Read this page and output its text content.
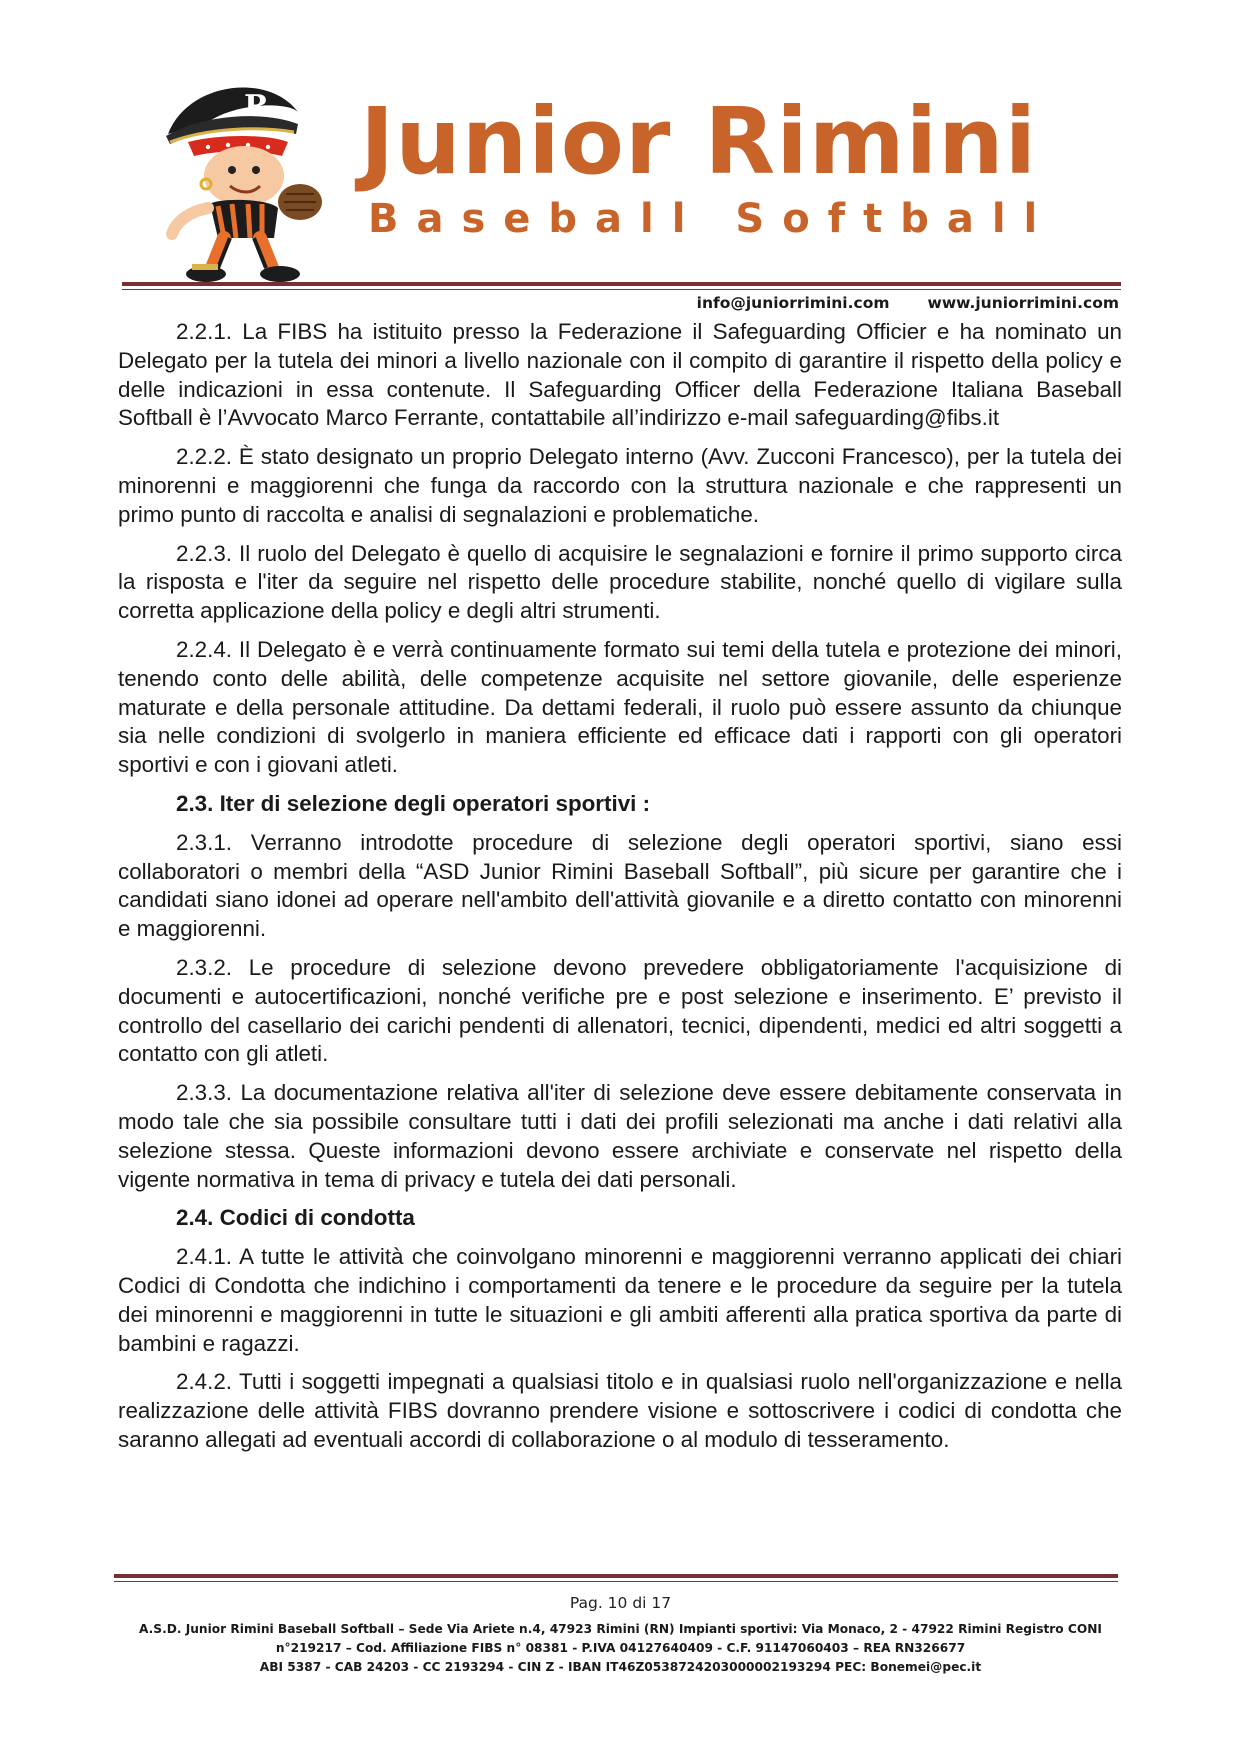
R Junior Rimini
Baseball Softball
info@juniorrimini.com www.juniorrimini.com

2.2.1. La FIBS ha istituito presso la Federazione il Safeguarding Officier e ha nominato un Delegato per la tutela dei minori a livello nazionale con il compito di garantire il rispetto della policy e delle indicazioni in essa contenute. Il Safeguarding Officer della Federazione Italiana Baseball Softball è l’Avvocato Marco Ferrante, contattabile all’indirizzo e-mail safeguarding@fibs.it

2.2.2. È stato designato un proprio Delegato interno (Avv. Zucconi Francesco), per la tutela dei minorenni e maggiorenni che funga da raccordo con la struttura nazionale e che rappresenti un primo punto di raccolta e analisi di segnalazioni e problematiche.

2.2.3. Il ruolo del Delegato è quello di acquisire le segnalazioni e fornire il primo supporto circa la risposta e l'iter da seguire nel rispetto delle procedure stabilite, nonché quello di vigilare sulla corretta applicazione della policy e degli altri strumenti.

2.2.4. Il Delegato è e verrà continuamente formato sui temi della tutela e protezione dei minori, tenendo conto delle abilità, delle competenze acquisite nel settore giovanile, delle esperienze maturate e della personale attitudine. Da dettami federali, il ruolo può essere assunto da chiunque sia nelle condizioni di svolgerlo in maniera efficiente ed efficace dati i rapporti con gli operatori sportivi e con i giovani atleti.

2.3. Iter di selezione degli operatori sportivi :

2.3.1. Verranno introdotte procedure di selezione degli operatori sportivi, siano essi collaboratori o membri della “ASD Junior Rimini Baseball Softball”, più sicure per garantire che i candidati siano idonei ad operare nell'ambito dell'attività giovanile e a diretto contatto con minorenni e maggiorenni.

2.3.2. Le procedure di selezione devono prevedere obbligatoriamente l'acquisizione di documenti e autocertificazioni, nonché verifiche pre e post selezione e inserimento. E’ previsto il controllo del casellario dei carichi pendenti di allenatori, tecnici, dipendenti, medici ed altri soggetti a contatto con gli atleti.

2.3.3. La documentazione relativa all'iter di selezione deve essere debitamente conservata in modo tale che sia possibile consultare tutti i dati dei profili selezionati ma anche i dati relativi alla selezione stessa. Queste informazioni devono essere archiviate e conservate nel rispetto della vigente normativa in tema di privacy e tutela dei dati personali.

2.4. Codici di condotta

2.4.1. A tutte le attività che coinvolgano minorenni e maggiorenni verranno applicati dei chiari Codici di Condotta che indichino i comportamenti da tenere e le procedure da seguire per la tutela dei minorenni e maggiorenni in tutte le situazioni e gli ambiti afferenti alla pratica sportiva da parte di bambini e ragazzi.

2.4.2. Tutti i soggetti impegnati a qualsiasi titolo e in qualsiasi ruolo nell'organizzazione e nella realizzazione delle attività FIBS dovranno prendere visione e sottoscrivere i codici di condotta che saranno allegati ad eventuali accordi di collaborazione o al modulo di tesseramento.

Pag. 10 di 17
A.S.D. Junior Rimini Baseball Softball – Sede Via Ariete n.4, 47923 Rimini (RN) Impianti sportivi: Via Monaco, 2 - 47922 Rimini Registro CONI
n°219217 – Cod. Affiliazione FIBS n° 08381 - P.IVA 04127640409 - C.F. 91147060403 – REA RN326677
ABI 5387 - CAB 24203 - CC 2193294 - CIN Z - IBAN IT46Z0538724203000002193294 PEC: Bonemei@pec.it
